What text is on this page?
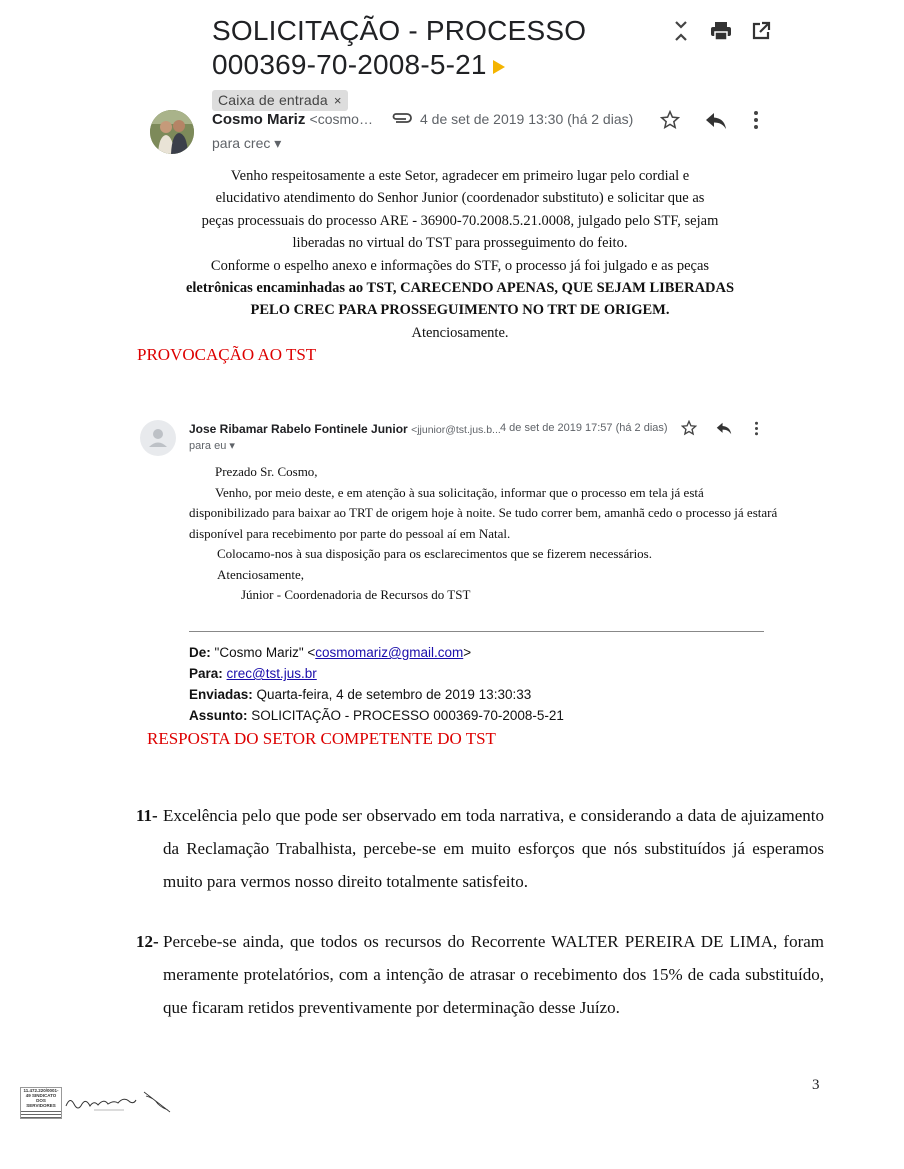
SOLICITAÇÃO - PROCESSO 000369-70-2008-5-21Caixa de entrada ×
Cosmo Mariz <cosmo…
para crec ▾
4 de set de 2019 13:30 (há 2 dias)
Venho respeitosamente a este Setor, agradecer em primeiro lugar pelo cordial e
elucidativo atendimento do Senhor Junior (coordenador substituto) e solicitar que as
peças processuais do processo ARE - 36900-70.2008.5.21.0008, julgado pelo STF, sejam
liberadas no virtual do TST para prosseguimento do feito.
Conforme o espelho anexo e informações do STF, o processo já foi julgado e as peças
eletrônicas encaminhadas ao TST, CARECENDO APENAS, QUE SEJAM LIBERADAS
PELO CREC PARA PROSSEGUIMENTO NO TRT DE ORIGEM.
Atenciosamente.
PROVOCAÇÃO AO TST
Jose Ribamar Rabelo Fontinele Junior <jjunior@tst.jus.b...
para eu ▾
4 de set de 2019 17:57 (há 2 dias)
Prezado Sr. Cosmo,
Venho, por meio deste, e em atenção à sua solicitação, informar que o processo em tela já está disponibilizado para baixar ao TRT de origem hoje à noite. Se tudo correr bem, amanhã cedo o processo já estará disponível para recebimento por parte do pessoal aí em Natal.
Colocamo-nos à sua disposição para os esclarecimentos que se fizerem necessários.
Atenciosamente,
Júnior - Coordenadoria de Recursos do TST
De: "Cosmo Mariz" <cosmomariz@gmail.com>
Para: crec@tst.jus.br
Enviadas: Quarta-feira, 4 de setembro de 2019 13:30:33
Assunto: SOLICITAÇÃO - PROCESSO 000369-70-2008-5-21
RESPOSTA DO SETOR COMPETENTE DO TST
11- Excelência pelo que pode ser observado em toda narrativa, e considerando a data de ajuizamento da Reclamação Trabalhista, percebe-se em muito esforços que nós substituídos já esperamos muito para vermos nosso direito totalmente satisfeito.
12- Percebe-se ainda, que todos os recursos do Recorrente WALTER PEREIRA DE LIMA, foram meramente protelatórios, com a intenção de atrasar o recebimento dos 15% de cada substituído, que ficaram retidos preventivamente por determinação desse Juízo.
3
11.472.220/0001-49 SINDICATO DOS SERVIDORES
